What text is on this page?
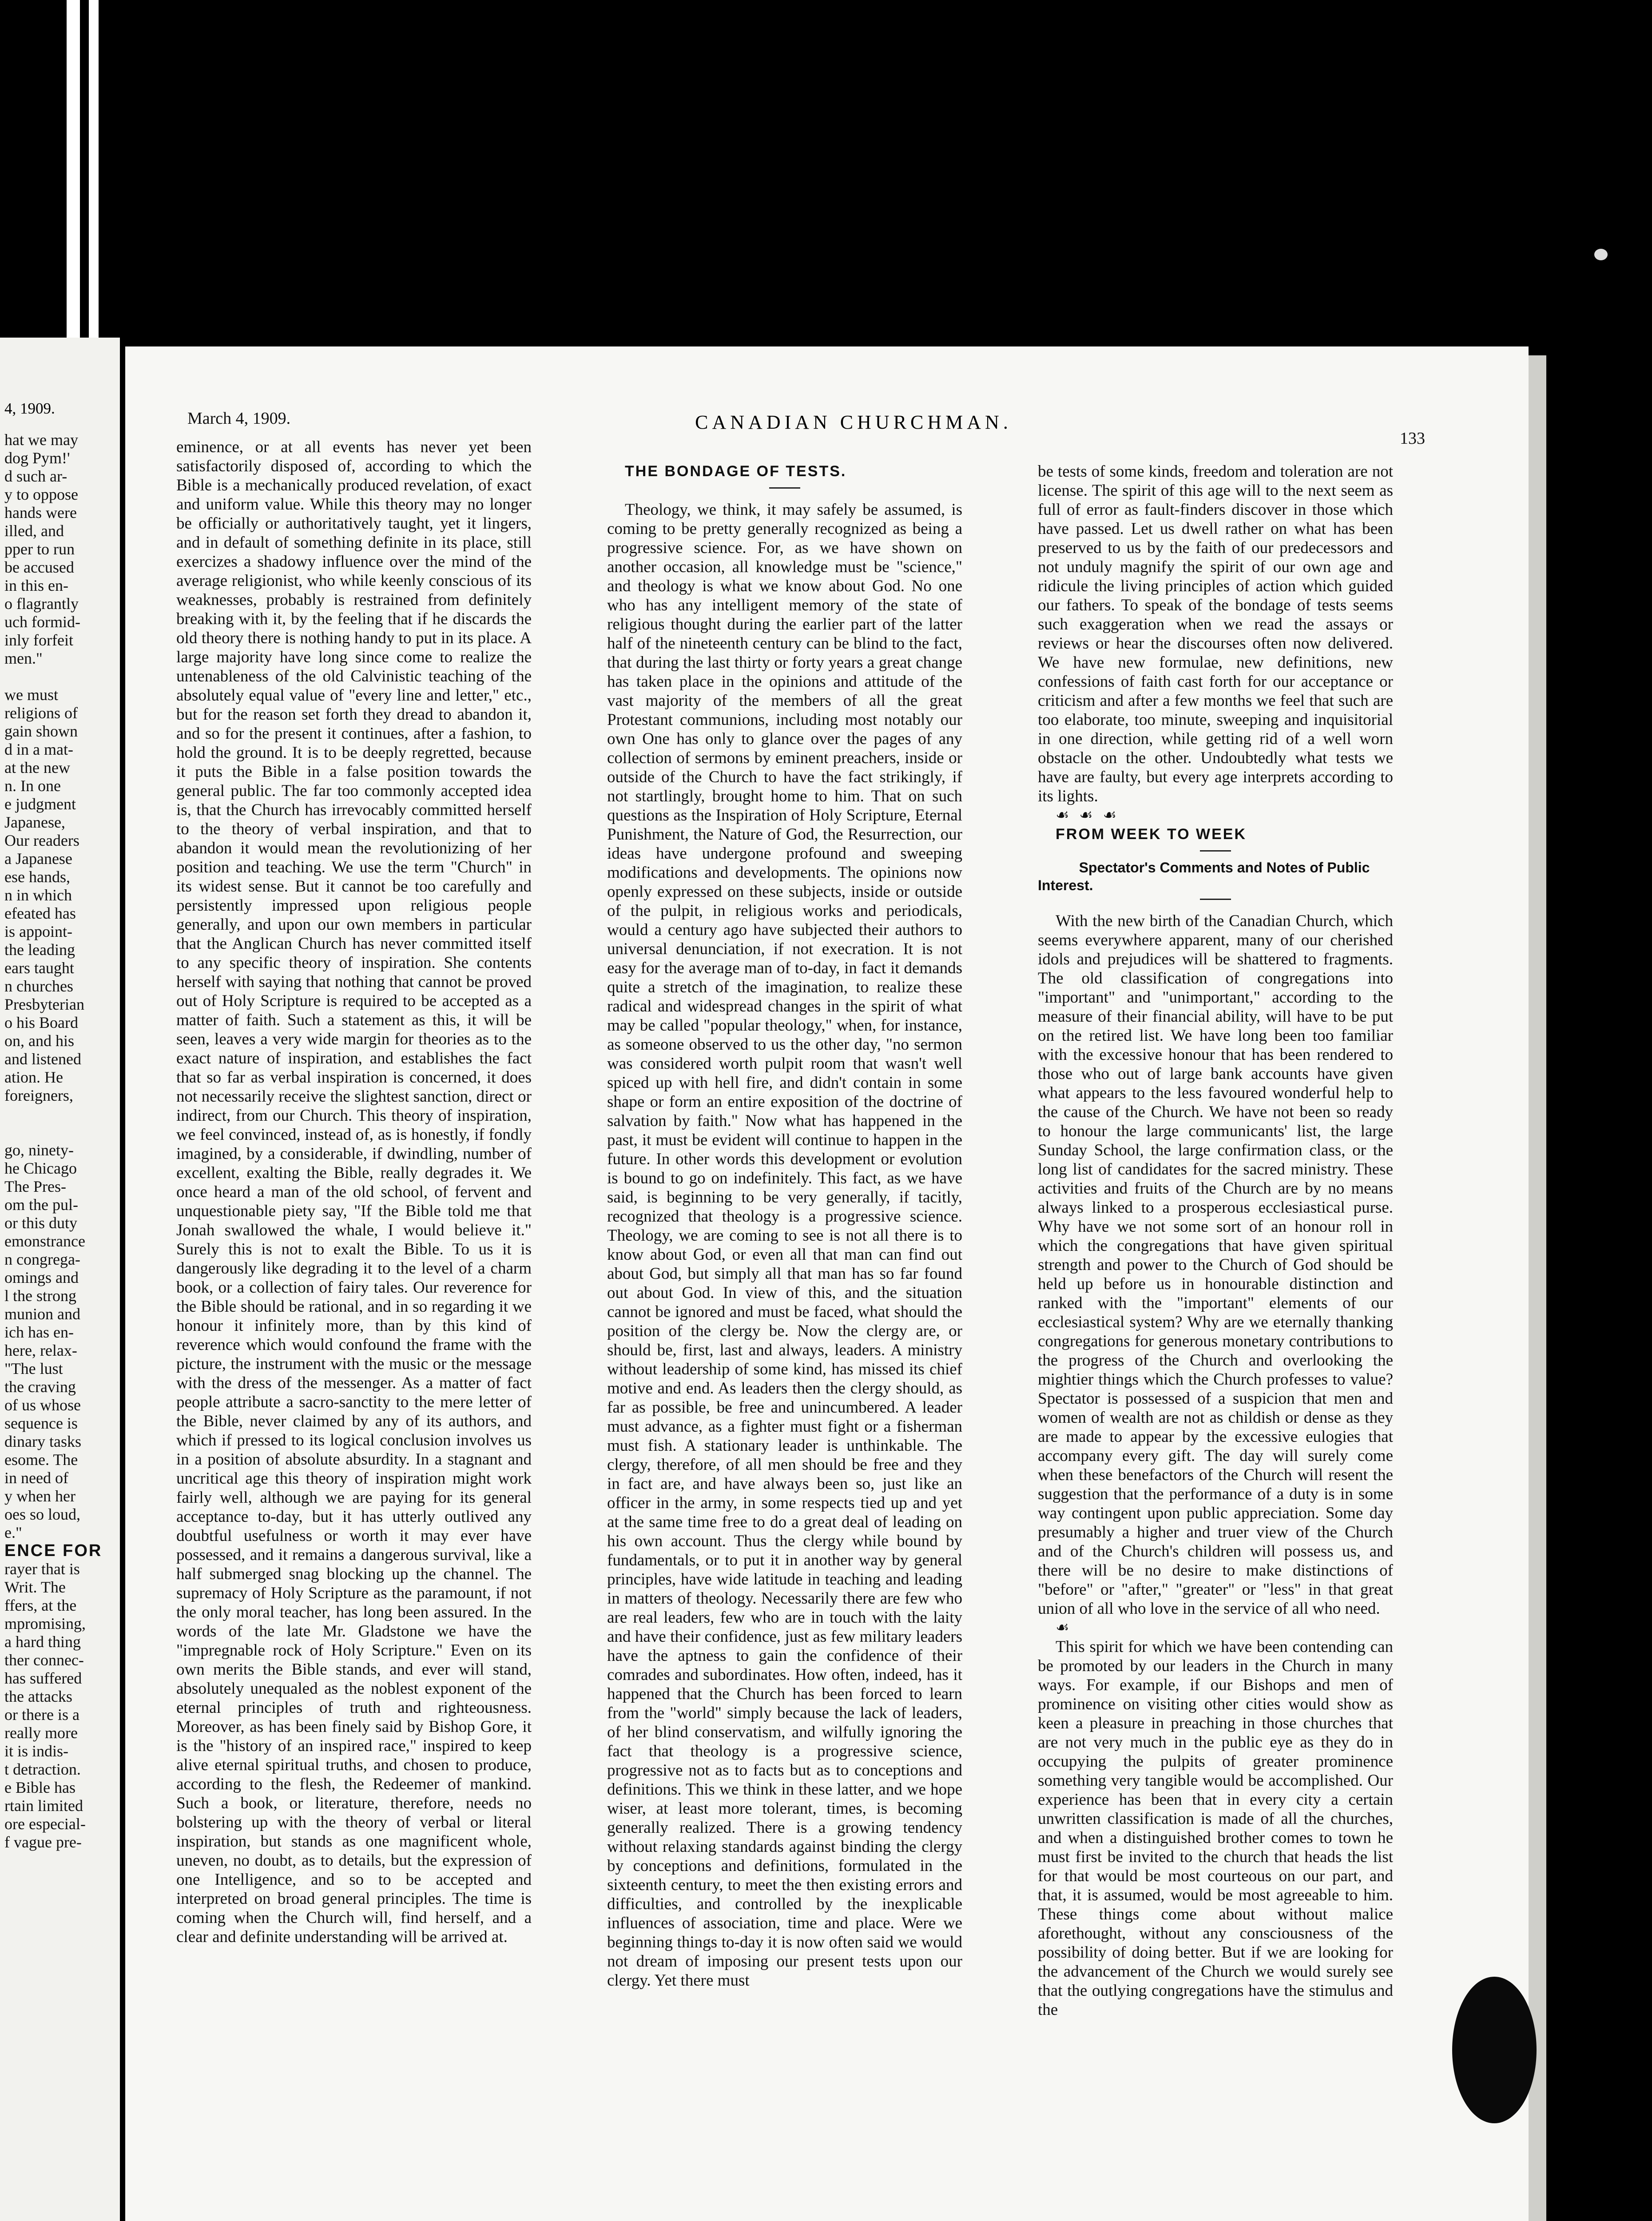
4, 1909.

hat we may

dog Pym!'

d such ar-

y to oppose

hands were

illed, and

pper to run

be accused

in this en-

o flagrantly

uch formid-

inly forfeit

men."

we must

religions of

gain shown

d in a mat-

at the new

n. In one

e judgment

Japanese,

Our readers

a Japanese

ese hands,

n in which

efeated has

is appoint-

the leading

ears taught

n churches

Presbyterian

o his Board

on, and his

and listened

ation. He

foreigners,

go, ninety-

he Chicago

The Pres-

om the pul-

or this duty

emonstrance

n congrega-

omings and

l the strong

munion and

ich has en-

here, relax-

"The lust

the craving

of us whose

sequence is

dinary tasks

esome. The

in need of

y when her

oes so loud,

e."

ENCE FOR

rayer that is

Writ. The

ffers, at the

mpromising,

a hard thing

ther connec-

has suffered

the attacks

or there is a

really more

it is indis-

t detraction.

e Bible has

rtain limited

ore especial-

f vague pre-

March 4, 1909.	CANADIAN CHURCHMAN.
133

eminence, or at all events has never yet been satisfactorily disposed of, according to which the Bible is a mechanically produced revelation, of exact and uniform value. While this theory may no longer be officially or authoritatively taught, yet it lingers, and in default of something definite in its place, still exercizes a shadowy influence over the mind of the average religionist, who while keenly conscious of its weaknesses, probably is restrained from definitely breaking with it, by the feeling that if he discards the old theory there is nothing handy to put in its place. A large majority have long since come to realize the untenableness of the old Calvinistic teaching of the absolutely equal value of "every line and letter," etc., but for the reason set forth they dread to abandon it, and so for the present it continues, after a fashion, to hold the ground. It is to be deeply regretted, because it puts the Bible in a false position towards the general public. The far too commonly accepted idea is, that the Church has irrevocably committed herself to the theory of verbal inspiration, and that to abandon it would mean the revolutionizing of her position and teaching. We use the term "Church" in its widest sense. But it cannot be too carefully and persistently impressed upon religious people generally, and upon our own members in particular that the Anglican Church has never committed itself to any specific theory of inspiration. She contents herself with saying that nothing that cannot be proved out of Holy Scripture is required to be accepted as a matter of faith. Such a statement as this, it will be seen, leaves a very wide margin for theories as to the exact nature of inspiration, and establishes the fact that so far as verbal inspiration is concerned, it does not necessarily receive the slightest sanction, direct or indirect, from our Church. This theory of inspiration, we feel convinced, instead of, as is honestly, if fondly imagined, by a considerable, if dwindling, number of excellent, exalting the Bible, really degrades it. We once heard a man of the old school, of fervent and unquestionable piety say, "If the Bible told me that Jonah swallowed the whale, I would believe it." Surely this is not to exalt the Bible. To us it is dangerously like degrading it to the level of a charm book, or a collection of fairy tales. Our reverence for the Bible should be rational, and in so regarding it we honour it infinitely more, than by this kind of reverence which would confound the frame with the picture, the instrument with the music or the message with the dress of the messenger. As a matter of fact people attribute a sacro-sanctity to the mere letter of the Bible, never claimed by any of its authors, and which if pressed to its logical conclusion involves us in a position of absolute absurdity. In a stagnant and uncritical age this theory of inspiration might work fairly well, although we are paying for its general acceptance to-day, but it has utterly outlived any doubtful usefulness or worth it may ever have possessed, and it remains a dangerous survival, like a half submerged snag blocking up the channel. The supremacy of Holy Scripture as the paramount, if not the only moral teacher, has long been assured. In the words of the late Mr. Gladstone we have the "impregnable rock of Holy Scripture." Even on its own merits the Bible stands, and ever will stand, absolutely unequaled as the noblest exponent of the eternal principles of truth and righteousness. Moreover, as has been finely said by Bishop Gore, it is the "history of an inspired race," inspired to keep alive eternal spiritual truths, and chosen to produce, according to the flesh, the Redeemer of mankind. Such a book, or literature, therefore, needs no bolstering up with the theory of verbal or literal inspiration, but stands as one magnificent whole, uneven, no doubt, as to details, but the expression of one Intelligence, and so to be accepted and interpreted on broad general principles. The time is coming when the Church will, find herself, and a clear and definite understanding will be arrived at.

THE BONDAGE OF TESTS.

Theology, we think, it may safely be assumed, is coming to be pretty generally recognized as being a progressive science. For, as we have shown on another occasion, all knowledge must be "science," and theology is what we know about God. No one who has any intelligent memory of the state of religious thought during the earlier part of the latter half of the nineteenth century can be blind to the fact, that during the last thirty or forty years a great change has taken place in the opinions and attitude of the vast majority of the members of all the great Protestant communions, including most notably our own One has only to glance over the pages of any collection of sermons by eminent preachers, inside or outside of the Church to have the fact strikingly, if not startlingly, brought home to him. That on such questions as the Inspiration of Holy Scripture, Eternal Punishment, the Nature of God, the Resurrection, our ideas have undergone profound and sweeping modifications and developments. The opinions now openly expressed on these subjects, inside or outside of the pulpit, in religious works and periodicals, would a century ago have subjected their authors to universal denunciation, if not execration. It is not easy for the average man of to-day, in fact it demands quite a stretch of the imagination, to realize these radical and widespread changes in the spirit of what may be called "popular theology," when, for instance, as someone observed to us the other day, "no sermon was considered worth pulpit room that wasn't well spiced up with hell fire, and didn't contain in some shape or form an entire exposition of the doctrine of salvation by faith." Now what has happened in the past, it must be evident will continue to happen in the future. In other words this development or evolution is bound to go on indefinitely. This fact, as we have said, is beginning to be very generally, if tacitly, recognized that theology is a progressive science. Theology, we are coming to see is not all there is to know about God, or even all that man can find out about God, but simply all that man has so far found out about God. In view of this, and the situation cannot be ignored and must be faced, what should the position of the clergy be. Now the clergy are, or should be, first, last and always, leaders. A ministry without leadership of some kind, has missed its chief motive and end. As leaders then the clergy should, as far as possible, be free and unincumbered. A leader must advance, as a fighter must fight or a fisherman must fish. A stationary leader is unthinkable. The clergy, therefore, of all men should be free and they in fact are, and have always been so, just like an officer in the army, in some respects tied up and yet at the same time free to do a great deal of leading on his own account. Thus the clergy while bound by fundamentals, or to put it in another way by general principles, have wide latitude in teaching and leading in matters of theology. Necessarily there are few who are real leaders, few who are in touch with the laity and have their confidence, just as few military leaders have the aptness to gain the confidence of their comrades and subordinates. How often, indeed, has it happened that the Church has been forced to learn from the "world" simply because the lack of leaders, of her blind conservatism, and wilfully ignoring the fact that theology is a progressive science, progressive not as to facts but as to conceptions and definitions. This we think in these latter, and we hope wiser, at least more tolerant, times, is becoming generally realized. There is a growing tendency without relaxing standards against binding the clergy by conceptions and definitions, formulated in the sixteenth century, to meet the then existing errors and difficulties, and controlled by the inexplicable influences of association, time and place. Were we beginning things to-day it is now often said we would not dream of imposing our present tests upon our clergy. Yet there must

be tests of some kinds, freedom and toleration are not license. The spirit of this age will to the next seem as full of error as fault-finders discover in those which have passed. Let us dwell rather on what has been preserved to us by the faith of our predecessors and not unduly magnify the spirit of our own age and ridicule the living principles of action which guided our fathers. To speak of the bondage of tests seems such exaggeration when we read the assays or reviews or hear the discourses often now delivered. We have new formulae, new definitions, new confessions of faith cast forth for our acceptance or criticism and after a few months we feel that such are too elaborate, too minute, sweeping and inquisitorial in one direction, while getting rid of a well worn obstacle on the other. Undoubtedly what tests we have are faulty, but every age interprets according to its lights.

☙ ☙ ☙

FROM WEEK TO WEEK

Spectator's Comments and Notes of Public Interest.

With the new birth of the Canadian Church, which seems everywhere apparent, many of our cherished idols and prejudices will be shattered to fragments. The old classification of congregations into "important" and "unimportant," according to the measure of their financial ability, will have to be put on the retired list. We have long been too familiar with the excessive honour that has been rendered to those who out of large bank accounts have given what appears to the less favoured wonderful help to the cause of the Church. We have not been so ready to honour the large communicants' list, the large Sunday School, the large confirmation class, or the long list of candidates for the sacred ministry. These activities and fruits of the Church are by no means always linked to a prosperous ecclesiastical purse. Why have we not some sort of an honour roll in which the congregations that have given spiritual strength and power to the Church of God should be held up before us in honourable distinction and ranked with the "important" elements of our ecclesiastical system? Why are we eternally thanking congregations for generous monetary contributions to the progress of the Church and overlooking the mightier things which the Church professes to value? Spectator is possessed of a suspicion that men and women of wealth are not as childish or dense as they are made to appear by the excessive eulogies that accompany every gift. The day will surely come when these benefactors of the Church will resent the suggestion that the performance of a duty is in some way contingent upon public appreciation. Some day presumably a higher and truer view of the Church and of the Church's children will possess us, and there will be no desire to make distinctions of "before" or "after," "greater" or "less" in that great union of all who love in the service of all who need.

☙

This spirit for which we have been contending can be promoted by our leaders in the Church in many ways. For example, if our Bishops and men of prominence on visiting other cities would show as keen a pleasure in preaching in those churches that are not very much in the public eye as they do in occupying the pulpits of greater prominence something very tangible would be accomplished. Our experience has been that in every city a certain unwritten classification is made of all the churches, and when a distinguished brother comes to town he must first be invited to the church that heads the list for that would be most courteous on our part, and that, it is assumed, would be most agreeable to him. These things come about without malice aforethought, without any consciousness of the possibility of doing better. But if we are looking for the advancement of the Church we would surely see that the outlying congregations have the stimulus and the
